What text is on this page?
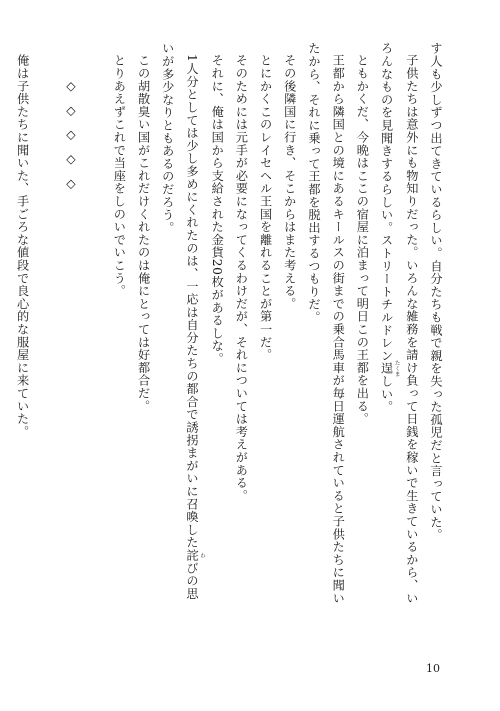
す人も少しずつ出てきているらしい。自分たちも戦で親を失った孤児だと言っていた。
子供たちは意外にも物知りだった。いろんな雑務を請け負って日銭を稼いで生きているから、い
ろんなものを見聞きするらしい。ストリートチルドレン逞 たくましい。
ともかくだ、今晩はここの宿屋に泊まって明日この王都を出る。
王都から隣国との境にあるキールスの街までの乗合馬車が毎日運航されていると子供たちに聞い
たから、それに乗って王都を脱出するつもりだ。
その後隣国に行き、そこからはまた考える。
とにかくこのレイセヘル王国を離れることが第一だ。
そのためには元手が必要になってくるわけだが、それについては考えがある。
それに、俺は国から支給された金貨20枚があるしな。
1人分としては少し多めにくれたのは、一応は自分たちの都合で誘拐まがいに召喚した詫 わびの思
いが多少なりともあるのだろう。
この胡散臭い国がこれだけくれたのは俺にとっては好都合だ。
とりあえずこれで当座をしのいでいこう。
◇◇◇◇◇
俺は子供たちに聞いた、手ごろな値段で良心的な服屋に来ていた。
10
